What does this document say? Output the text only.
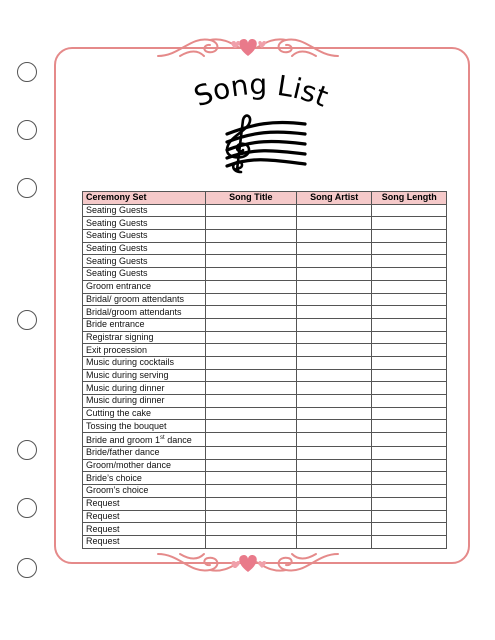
Song List
Ceremony Set	Song Title	Song Artist	Song Length
Seating Guests			
Seating Guests			
Seating Guests			
Seating Guests			
Seating Guests			
Seating Guests			
Groom entrance			
Bridal/ groom attendants			
Bridal/groom attendants			
Bride entrance			
Registrar signing			
Exit procession			
Music during cocktails			
Music during serving			
Music during dinner			
Music during dinner			
Cutting the cake			
Tossing the bouquet			
Bride and groom 1st dance			
Bride/father dance			
Groom/mother dance			
Bride’s choice			
Groom’s choice			
Request			
Request			
Request			
Request			
